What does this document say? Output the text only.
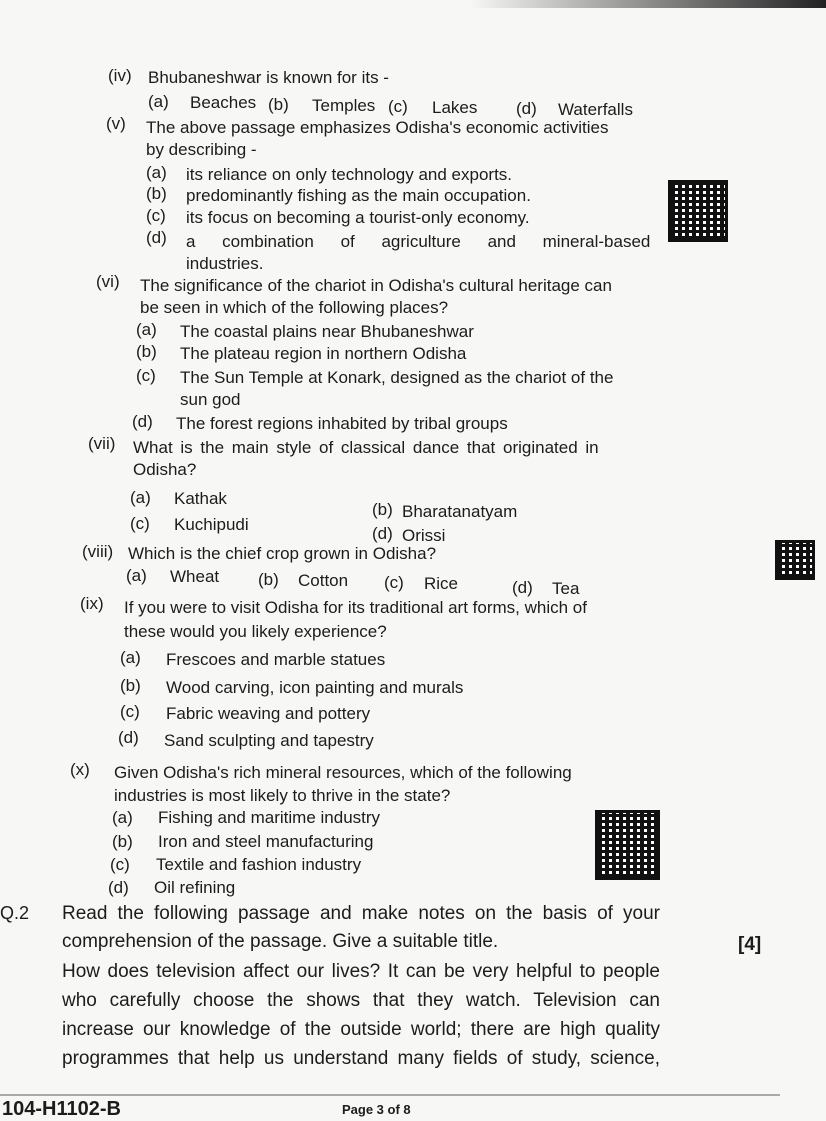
(iv) Bhubaneshwar is known for its -
(a) Beaches (b) Temples (c) Lakes (d) Waterfalls
(v) The above passage emphasizes Odisha's economic activities
by describing -
(a) its reliance on only technology and exports.
(b) predominantly fishing as the main occupation.
(c) its focus on becoming a tourist-only economy.
(d) a combination of agriculture and mineral-based
industries.
(vi) The significance of the chariot in Odisha's cultural heritage can
be seen in which of the following places?
(a) The coastal plains near Bhubaneshwar
(b) The plateau region in northern Odisha
(c) The Sun Temple at Konark, designed as the chariot of the
sun god
(d) The forest regions inhabited by tribal groups
(vii) What is the main style of classical dance that originated in
Odisha?
(a) Kathak
(b) Bharatanatyam
(c) Kuchipudi	(d) Orissi
(viii) Which is the chief crop grown in Odisha?
(a) Wheat (b) Cotton (c) Rice	(d) Tea
(ix) If you were to visit Odisha for its traditional art forms, which of
these would you likely experience?
(a) Frescoes and marble statues
(b) Wood carving, icon painting and murals
(c) Fabric weaving and pottery
(d) Sand sculpting and tapestry
(x) Given Odisha's rich mineral resources, which of the following
industries is most likely to thrive in the state?
(a) Fishing and maritime industry
(b) Iron and steel manufacturing
(c) Textile and fashion industry
(d) Oil refining
Q.2 Read the following passage and make notes on the basis of your
comprehension of the passage. Give a suitable title.	[4]
How does television affect our lives? It can be very helpful to people
who carefully choose the shows that they watch. Television can
increase our knowledge of the outside world; there are high quality
programmes that help us understand many fields of study, science,
104-H1102-B	Page 3 of 8
